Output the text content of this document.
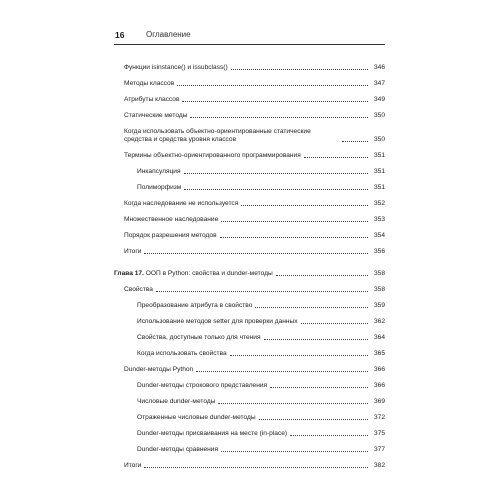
16	Оглавление
Функции isinstance() и issubclass()	346
Методы классов	347
Атрибуты классов	349
Статические методы	350
Когда использовать объектно-ориентированные статические средства и средства уровня классов	350
Термины объектно-ориентированного программирования	351
Инкапсуляция	351
Полиморфизм	351
Когда наследование не используется	352
Множественное наследование	353
Порядок разрешения методов	354
Итоги	356
Глава 17. ООП в Python: свойства и dunder-методы	358
Свойства	358
Преобразование атрибута в свойство	359
Использование методов setter для проверки данных	362
Свойства, доступные только для чтения	364
Когда использовать свойства	365
Dunder-методы Python	366
Dunder-методы строкового представления	366
Числовые dunder-методы	369
Отраженные числовые dunder-методы	372
Dunder-методы присваивания на месте (in-place)	375
Dunder-методы сравнения	377
Итоги	382
